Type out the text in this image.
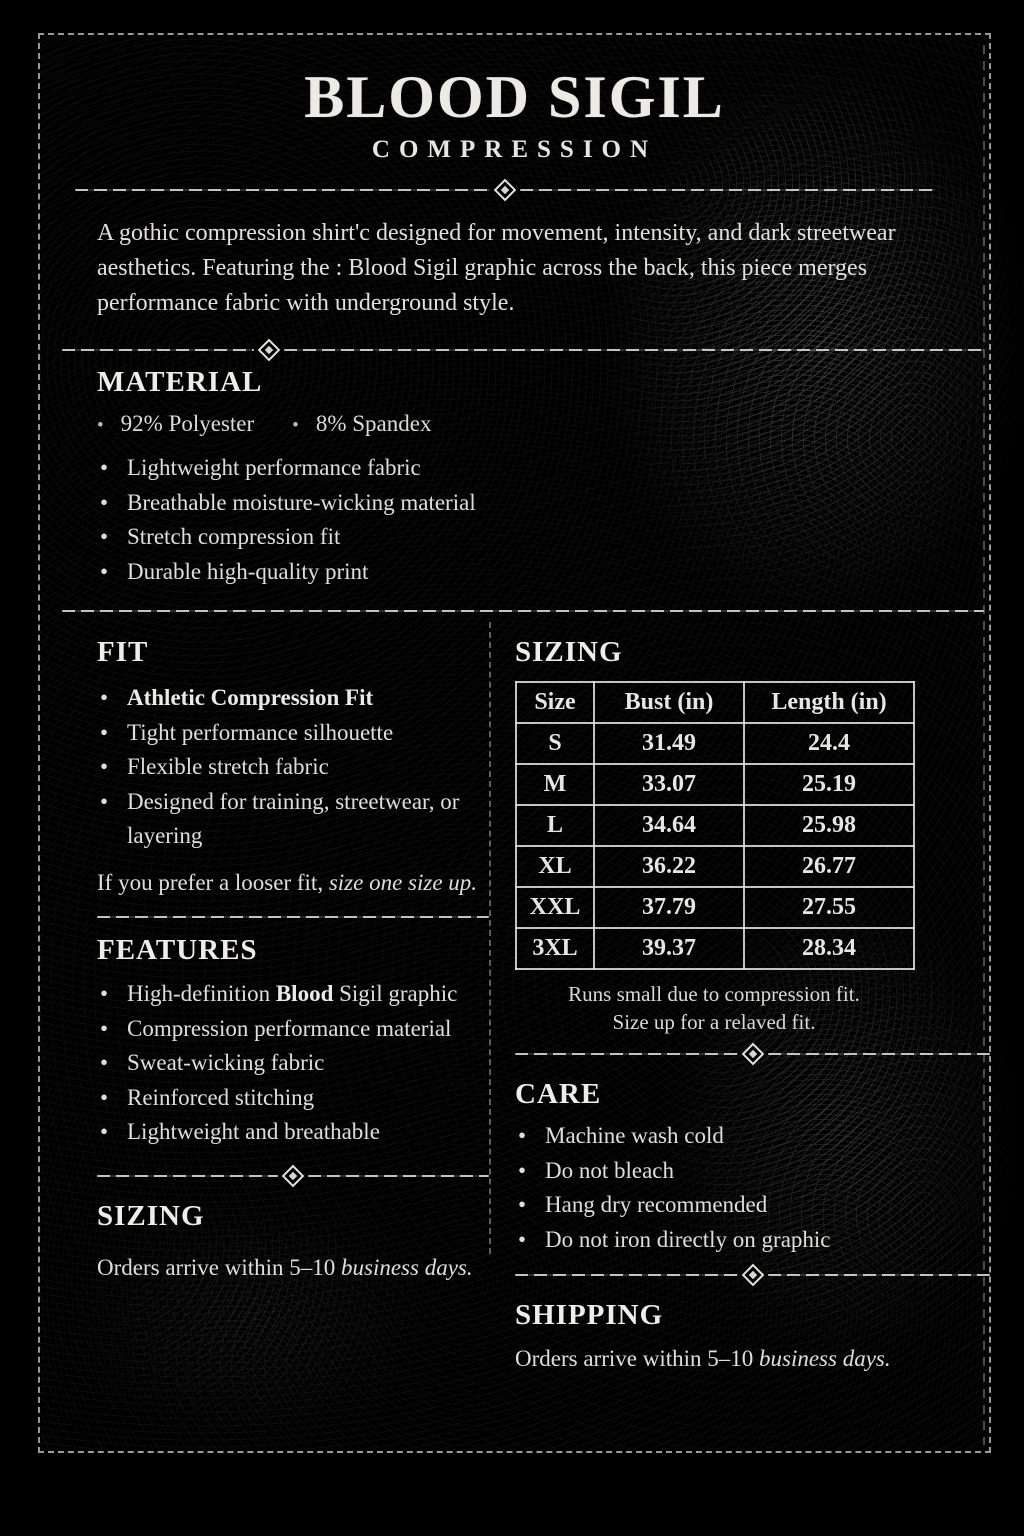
BLOOD SIGIL
COMPRESSION

A gothic compression shirt'c designed for movement, intensity, and dark streetwear aesthetics. Featuring the : Blood Sigil graphic across the back, this piece merges performance fabric with underground style.

MATERIAL
•
92% Polyester •	8% Spandex
• Lightweight performance fabric
• Breathable moisture-wicking material
• Stretch compression fit
• Durable high-quality print
FIT
• Athletic Compression Fit
• Tight performance silhouette
• Flexible stretch fabric
• Designed for training, streetwear, or layering

If you prefer a looser fit, size one size up.

FEATURES
• High-definition Blood Sigil graphic
• Compression performance material
• Sweat-wicking fabric
• Reinforced stitching
• Lightweight and breathable
SIZING

Orders arrive within 5–10 business days.

SIZING
Size	Bust (in)	Length (in)
S	31.49	24.4
M	33.07	25.19
L	34.64	25.98
XL	36.22	26.77
XXL	37.79	27.55
3XL	39.37	28.34
Runs small due to compression fit.
Size up for a relaved fit.
CARE
• Machine wash cold
• Do not bleach
• Hang dry recommended
• Do not iron directly on graphic
SHIPPING

Orders arrive within 5–10 business days.
